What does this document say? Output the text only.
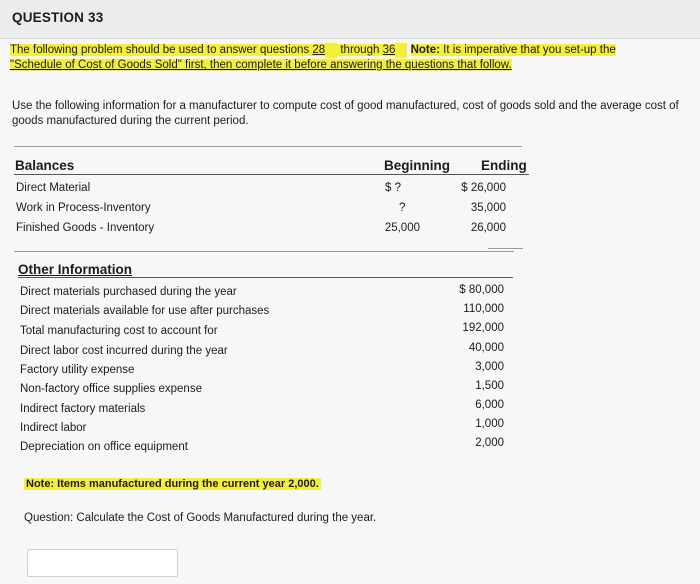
QUESTION 33
The following problem should be used to answer questions 28  through 36 Note: It is imperative that you set-up the
"Schedule of Cost of Goods Sold" first, then complete it before answering the questions that follow.
Use the following information for a manufacturer to compute cost of good manufactured, cost of goods sold and the average cost of goods manufactured during the current period.
Balances	Beginning Ending
Direct Material	$ ?	$ 26,000
Work in Process-Inventory	?	35,000
Finished Goods - Inventory	25,000	26,000
Other Information
Direct materials purchased during the year	$ 80,000
Direct materials available for use after purchases	110,000
Total manufacturing cost to account for	192,000
Direct labor cost incurred during the year	40,000
Factory utility expense	3,000
Non-factory office supplies expense	1,500
Indirect factory materials	6,000
Indirect labor	1,000
Depreciation on office equipment	2,000
Note: Items manufactured during the current year 2,000.
Question: Calculate the Cost of Goods Manufactured during the year.
